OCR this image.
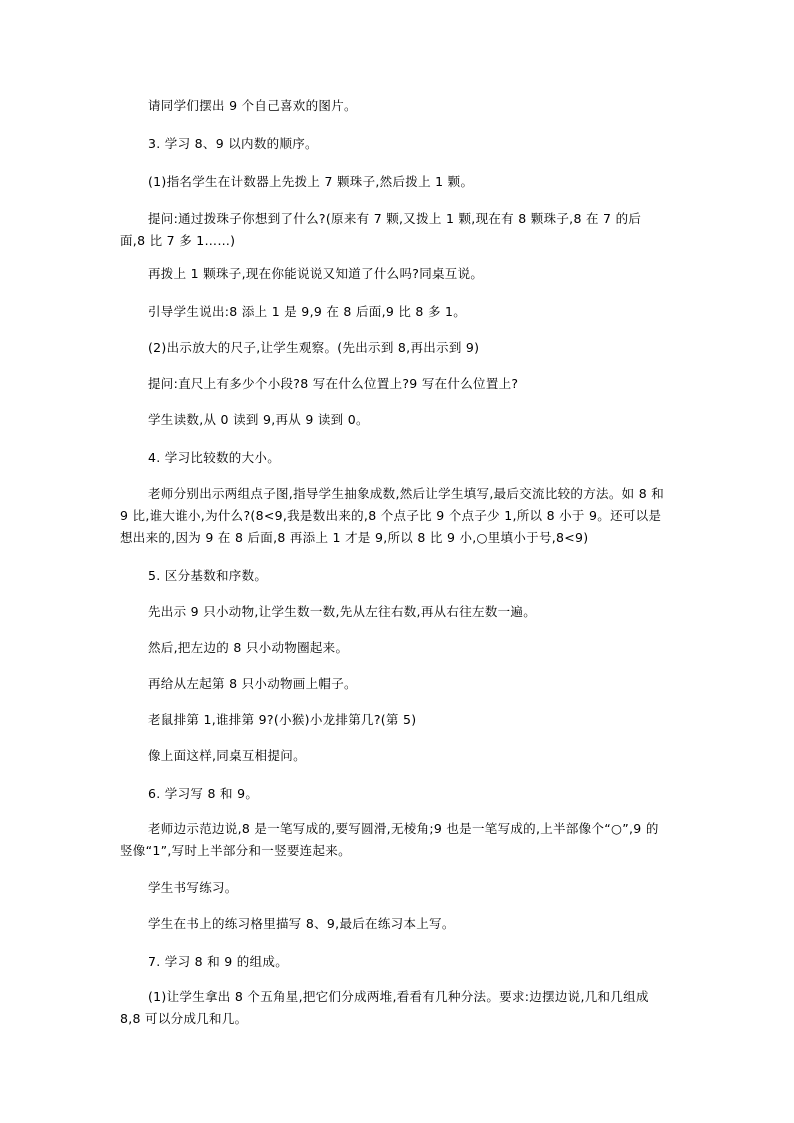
请同学们摆出 9 个自己喜欢的图片。

3. 学习 8、9 以内数的顺序。

(1)指名学生在计数器上先拨上 7 颗珠子,然后拨上 1 颗。

提问:通过拨珠子你想到了什么?(原来有 7 颗,又拨上 1 颗,现在有 8 颗珠子,8 在 7 的后面,8 比 7 多 1……)

再拨上 1 颗珠子,现在你能说说又知道了什么吗?同桌互说。

引导学生说出:8 添上 1 是 9,9 在 8 后面,9 比 8 多 1。

(2)出示放大的尺子,让学生观察。(先出示到 8,再出示到 9)

提问:直尺上有多少个小段?8 写在什么位置上?9 写在什么位置上?

学生读数,从 0 读到 9,再从 9 读到 0。

4. 学习比较数的大小。

老师分别出示两组点子图,指导学生抽象成数,然后让学生填写,最后交流比较的方法。如 8 和 9 比,谁大谁小,为什么?(8<9,我是数出来的,8 个点子比 9 个点子少 1,所以 8 小于 9。还可以是想出来的,因为 9 在 8 后面,8 再添上 1 才是 9,所以 8 比 9 小,○里填小于号,8<9)

5. 区分基数和序数。

先出示 9 只小动物,让学生数一数,先从左往右数,再从右往左数一遍。

然后,把左边的 8 只小动物圈起来。

再给从左起第 8 只小动物画上帽子。

老鼠排第 1,谁排第 9?(小猴)小龙排第几?(第 5)

像上面这样,同桌互相提问。

6. 学习写 8 和 9。

老师边示范边说,8 是一笔写成的,要写圆滑,无棱角;9 也是一笔写成的,上半部像个“○”,9 的竖像“1”,写时上半部分和一竖要连起来。

学生书写练习。

学生在书上的练习格里描写 8、9,最后在练习本上写。

7. 学习 8 和 9 的组成。

(1)让学生拿出 8 个五角星,把它们分成两堆,看看有几种分法。要求:边摆边说,几和几组成 8,8 可以分成几和几。
